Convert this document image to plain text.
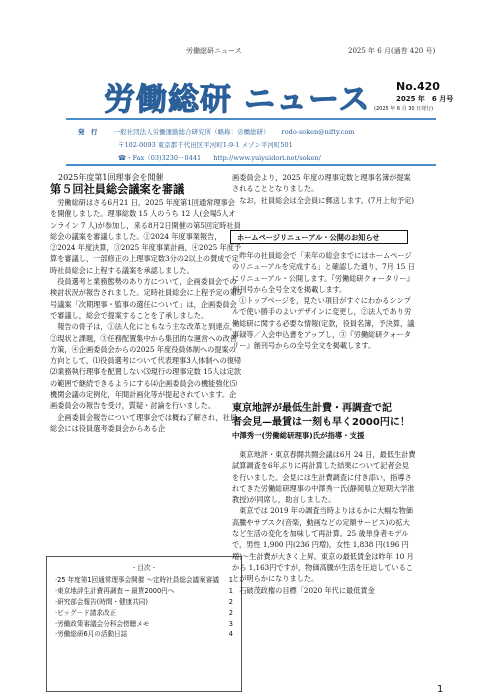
労働総研ニュース	2025 年 6 月(通巻 420 号)
労働総研 ニュース No.420
2025 年　6 月号
(2025 年 6 月 30 日発行)
発　行 一般社団法人労働運動総合研究所（略称：労働総研） rodo-soken@nifty.com
〒102-0093 東京都千代田区平河町1-9-1 メゾン平河町501
☎・Fax（03)3230－0441 http://www.yuiyuidori.net/soken/
2025年度第1回理事会を開催
第５回社員総会議案を審議

労働総研はさる6月21 日，2025 年度第1回通常理事会を開催しました。理事総数 15 人のうち 12 人(会場5人オンライン 7 人)が参加し，来る8月2日開催の第5回定時社員総会の議案を審議しました。①2024 年度事業報告，②2024 年度決算，③2025 年度事業計画，④2025 年度予算を審議し，一部修正の上理事定数3分の2以上の賛成で定時社員総会に上程する議案を承認しました。

役員選考と業務態勢のあり方について，企画委員会での検討状況が報告されました。定時社員総会に上程予定の第5号議案「次期理事・監事の選任について」は，企画委員会で審議し，総会で提案することを了承しました。

報告の骨子は，①法人化にともなう主な改革と到達点，②現状と課題，③任務配置集中から集団的な運営への改善方策，④企画委員会からの2025 年度役員体制への提案の方向として，⑴役員選考について代表理事3人体制への復帰⑵業務執行理事を配置しない⑶現行の理事定数 15人は定款の範囲で継続できるようにする⑷企画委員会の機能強化⑸機関会議の定例化，年間計画化等が提起されています。企画委員会の報告を受け，質疑・討論を行いました。

企画委員会報告について理事会では概ね了解され，社員総会には役員選考委員会からある企

- 目次 -
·25 年度第1回通常理事会開催 〜定時社員総会議案審議 1
·東京地評生計費再調査 ─ 最賃2000円へ	1
·研究部会報告(時間・健康共同)	2
·ビッグ－ド請求改正	2
·労働政策審議会分科会傍聴メモ	3
·労働総研6月の活動日誌	4

画委員会より，2025 年度の理事定数と理事名簿が提案されることとなりました。

なお，社員総会は全会員に郵送します。(7月上旬予定)

ホームページリニューアル・公開のお知らせ

昨年の社員総会で「来年の総会までにはホームページのリニューアルを完成する」と確認した通り，7月 15 日にリニューアル・公開します。『労働総研クォータリー』創刊号から全号全文を掲載します。

①トップページを，見たい項目がすぐにわかるシンプルで使い勝手のよいデザインに変更し，②法人であり労働総研に関する必要な情報(定款，役員名簿，予決算，議事録等／入会申込書をアップし，③『労働総研クォータリー』創刊号からの全号全文を掲載します。

東京地評が最低生計費・再調査で記
者会見—最賃は一刻も早く2000円に！
中澤秀一(労働総研理事)氏が指導・支援

東京地評・東京春闘共闘会議は6月 24 日，最低生計費試算調査を6年ぶりに再計算した結果について記者会見を行いました。会見には生計費調査に付き添い，指導されてきた労働総研理事の中澤秀一氏(静岡県立短期大学准教授)が同席し，助言しました。

東京では 2019 年の調査当時よりはるかに大幅な物価高騰やサブスク(音楽，動画などの定額サービス)の拡大など生活の変化を加味して再計算。25 歳単身者モデルで，男性 1,900 円(236 円増)，女性 1,838 円(196 円増)～生計費が大きく上昇。東京の最低賃金は昨年 10 月から 1,163円ですが，物価高騰が生活を圧迫していることが明らかになりました。

石破茂政権の目標「2020 年代に最低賃金

1
